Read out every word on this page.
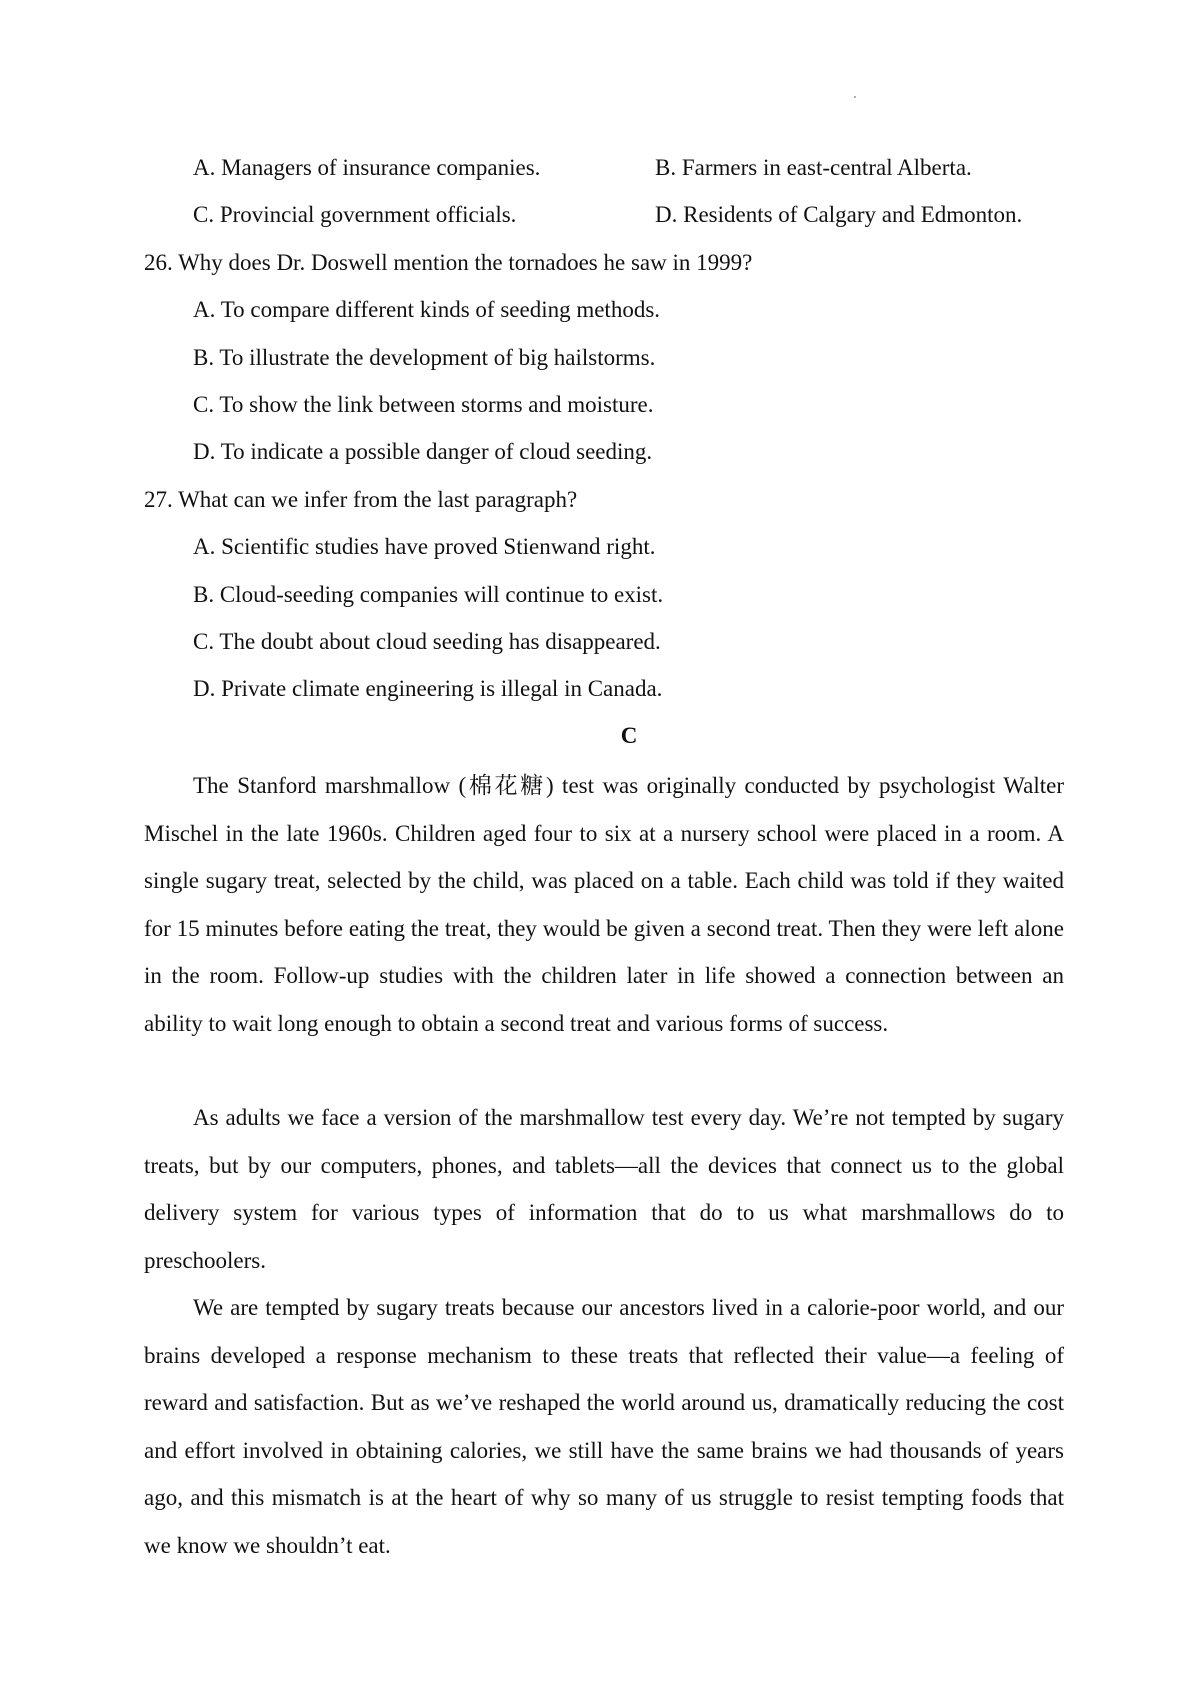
A. Managers of insurance companies.	B. Farmers in east-central Alberta.
C. Provincial government officials.	D. Residents of Calgary and Edmonton.
26. Why does Dr. Doswell mention the tornadoes he saw in 1999?
A. To compare different kinds of seeding methods.
B. To illustrate the development of big hailstorms.
C. To show the link between storms and moisture.
D. To indicate a possible danger of cloud seeding.
27. What can we infer from the last paragraph?
A. Scientific studies have proved Stienwand right.
B. Cloud-seeding companies will continue to exist.
C. The doubt about cloud seeding has disappeared.
D. Private climate engineering is illegal in Canada.
C

The Stanford marshmallow (棉花糖) test was originally conducted by psychologist Walter Mischel in the late 1960s. Children aged four to six at a nursery school were placed in a room. A single sugary treat, selected by the child, was placed on a table. Each child was told if they waited for 15 minutes before eating the treat, they would be given a second treat. Then they were left alone in the room. Follow-up studies with the children later in life showed a connection between an ability to wait long enough to obtain a second treat and various forms of success.

As adults we face a version of the marshmallow test every day. We’re not tempted by sugary treats, but by our computers, phones, and tablets—all the devices that connect us to the global delivery system for various types of information that do to us what marshmallows do to preschoolers.

We are tempted by sugary treats because our ancestors lived in a calorie-poor world, and our brains developed a response mechanism to these treats that reflected their value—a feeling of reward and satisfaction. But as we’ve reshaped the world around us, dramatically reducing the cost and effort involved in obtaining calories, we still have the same brains we had thousands of years ago, and this mismatch is at the heart of why so many of us struggle to resist tempting foods that we know we shouldn’t eat.
